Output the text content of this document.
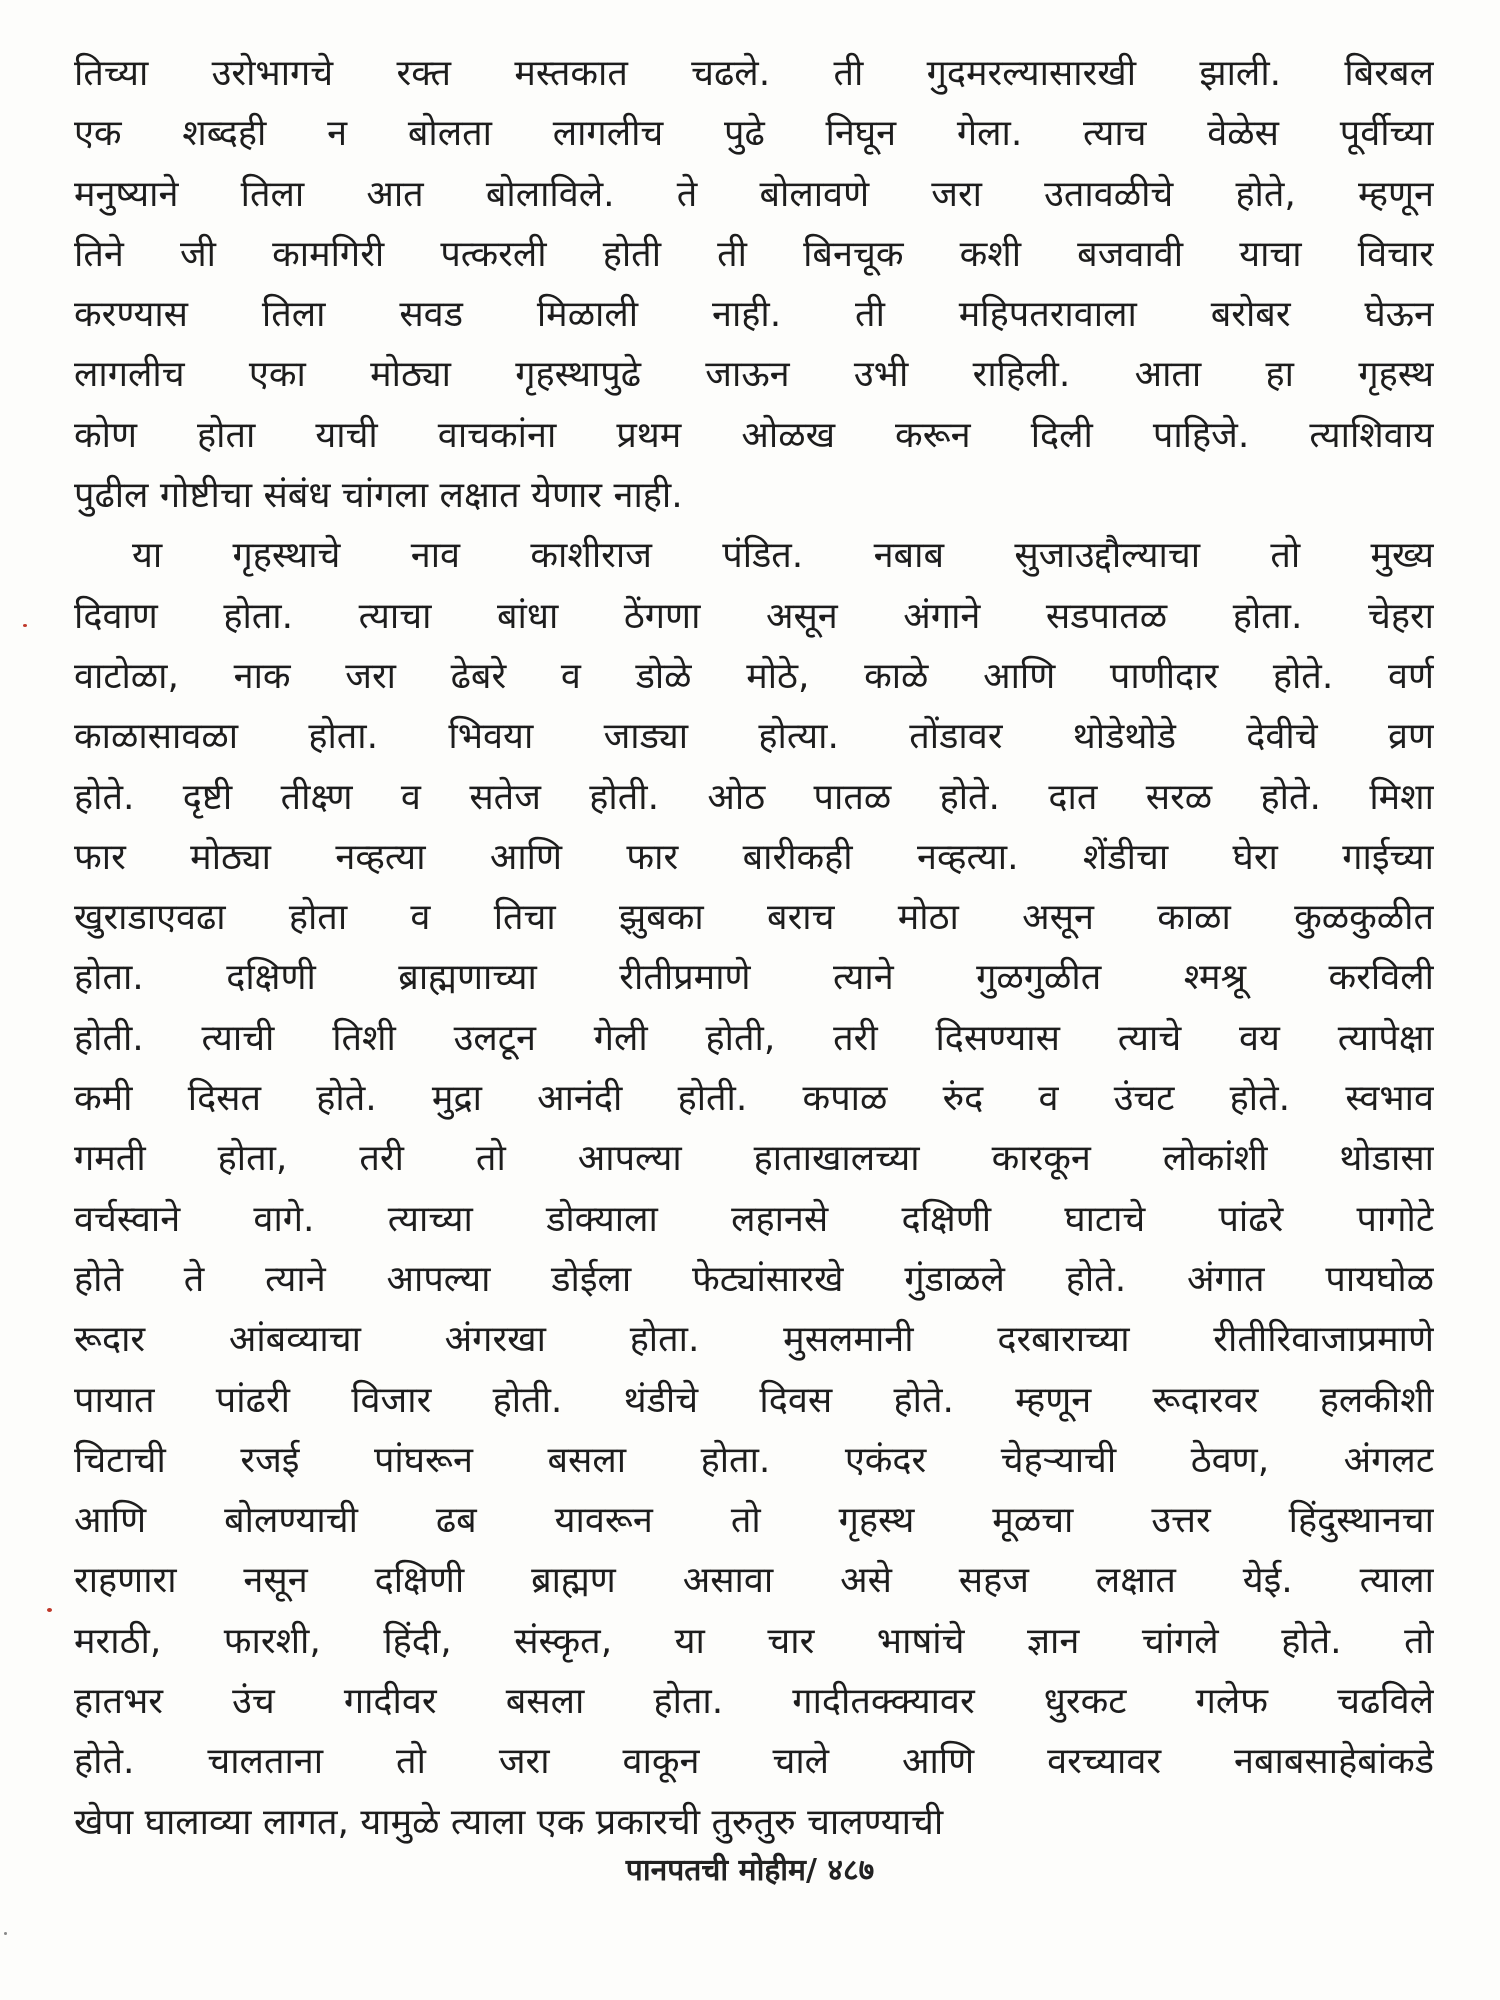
तिच्या उरोभागचे रक्त मस्तकात चढले. ती गुदमरल्यासारखी झाली. बिरबल
एक शब्दही न बोलता लागलीच पुढे निघून गेला. त्याच वेळेस पूर्वीच्या
मनुष्याने तिला आत बोलाविले. ते बोलावणे जरा उतावळीचे होते, म्हणून
तिने जी कामगिरी पत्करली होती ती बिनचूक कशी बजवावी याचा विचार
करण्यास तिला सवड मिळाली नाही. ती महिपतरावाला बरोबर घेऊन
लागलीच एका मोठ्या गृहस्थापुढे जाऊन उभी राहिली. आता हा गृहस्थ
कोण होता याची वाचकांना प्रथम ओळख करून दिली पाहिजे. त्याशिवाय
पुढील गोष्टीचा संबंध चांगला लक्षात येणार नाही.
या गृहस्थाचे नाव काशीराज पंडित. नबाब सुजाउद्दौल्याचा तो मुख्य
दिवाण होता. त्याचा बांधा ठेंगणा असून अंगाने सडपातळ होता. चेहरा
वाटोळा, नाक जरा ढेबरे व डोळे मोठे, काळे आणि पाणीदार होते. वर्ण
काळासावळा होता. भिवया जाड्या होत्या. तोंडावर थोडेथोडे देवीचे व्रण
होते. दृष्टी तीक्ष्ण व सतेज होती. ओठ पातळ होते. दात सरळ होते. मिशा
फार मोठ्या नव्हत्या आणि फार बारीकही नव्हत्या. शेंडीचा घेरा गाईच्या
खुराडाएवढा होता व तिचा झुबका बराच मोठा असून काळा कुळकुळीत
होता. दक्षिणी ब्राह्मणाच्या रीतीप्रमाणे त्याने गुळगुळीत श्मश्रू करविली
होती. त्याची तिशी उलटून गेली होती, तरी दिसण्यास त्याचे वय त्यापेक्षा
कमी दिसत होते. मुद्रा आनंदी होती. कपाळ रुंद व उंचट होते. स्वभाव
गमती होता, तरी तो आपल्या हाताखालच्या कारकून लोकांशी थोडासा
वर्चस्वाने वागे. त्याच्या डोक्याला लहानसे दक्षिणी घाटाचे पांढरे पागोटे
होते ते त्याने आपल्या डोईला फेट्यांसारखे गुंडाळले होते. अंगात पायघोळ
रूदार आंबव्याचा अंगरखा होता. मुसलमानी दरबाराच्या रीतीरिवाजाप्रमाणे
पायात पांढरी विजार होती. थंडीचे दिवस होते. म्हणून रूदारवर हलकीशी
चिटाची रजई पांघरून बसला होता. एकंदर चेहऱ्याची ठेवण, अंगलट
आणि बोलण्याची ढब यावरून तो गृहस्थ मूळचा उत्तर हिंदुस्थानचा
राहणारा नसून दक्षिणी ब्राह्मण असावा असे सहज लक्षात येई. त्याला
मराठी, फारशी, हिंदी, संस्कृत, या चार भाषांचे ज्ञान चांगले होते. तो
हातभर उंच गादीवर बसला होता. गादीतक्क्यावर धुरकट गलेफ चढविले
होते. चालताना तो जरा वाकून चाले आणि वरच्यावर नबाबसाहेबांकडे
खेपा घालाव्या लागत, यामुळे त्याला एक प्रकारची तुरुतुरु चालण्याची
पानपतची मोहीम/ ४८७
